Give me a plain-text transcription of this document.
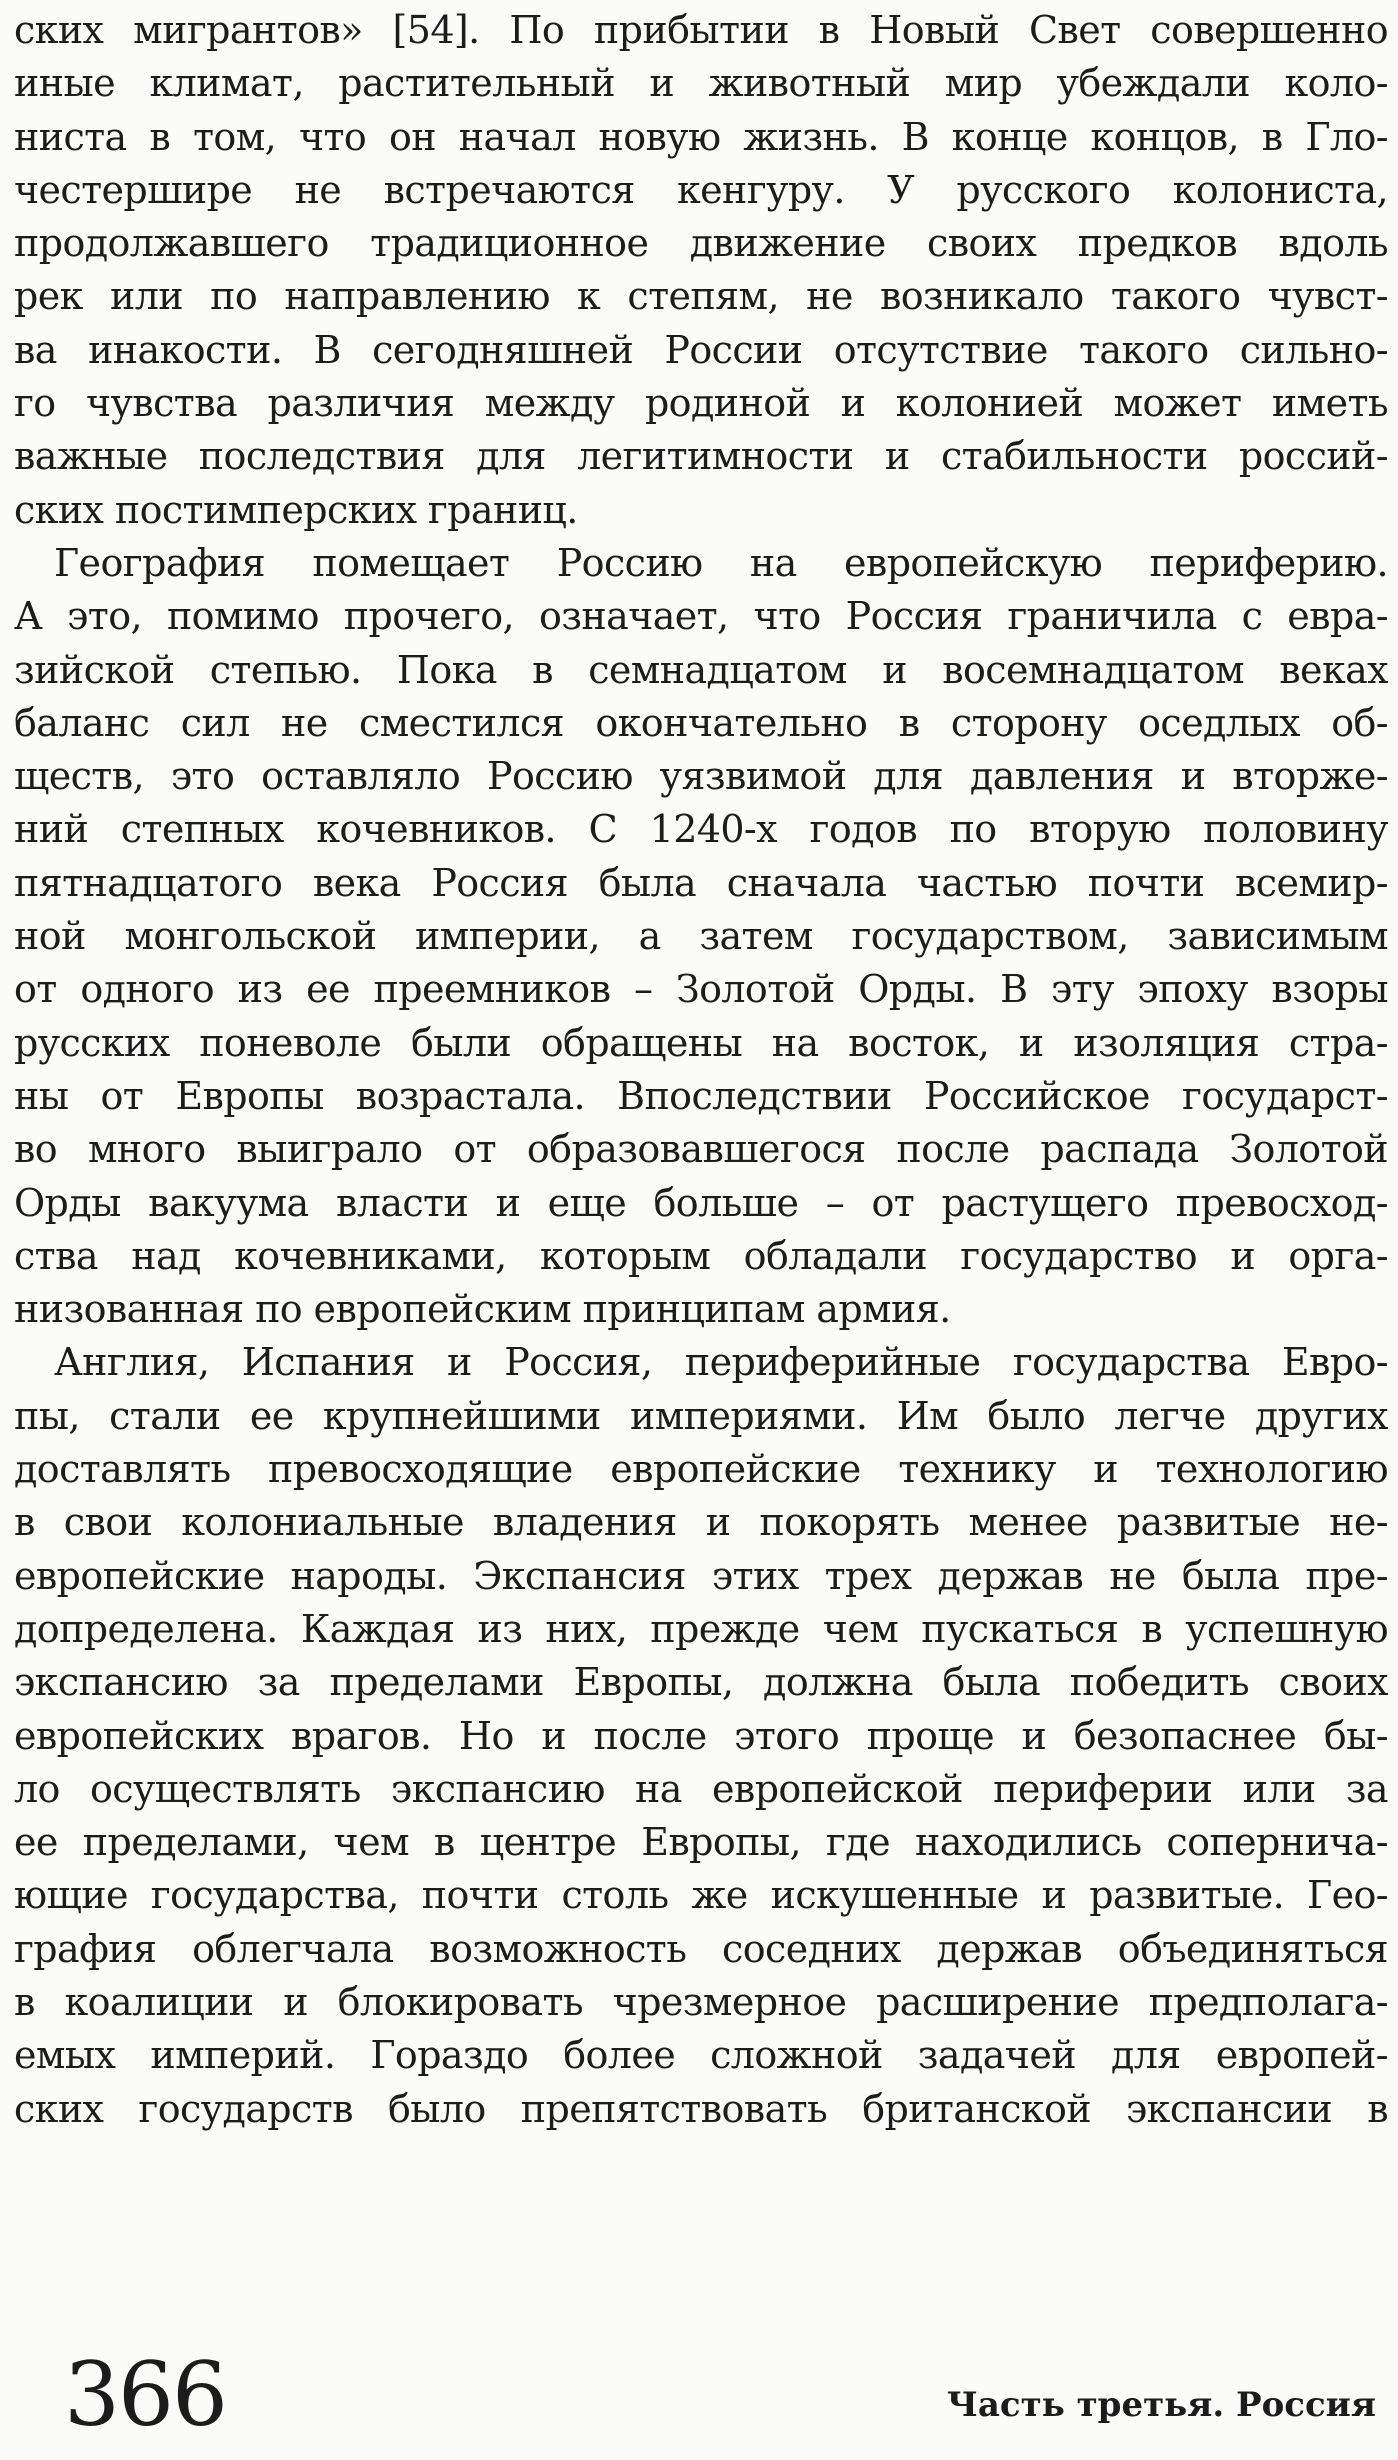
ских мигрантов» [54]. По прибытии в Новый Свет совершенно
иные климат, растительный и животный мир убеждали коло-
ниста в том, что он начал новую жизнь. В конце концов, в Гло-
честершире не встречаются кенгуру. У русского колониста,
продолжавшего традиционное движение своих предков вдоль
рек или по направлению к степям, не возникало такого чувст-
ва инакости. В сегодняшней России отсутствие такого сильно-
го чувства различия между родиной и колонией может иметь
важные последствия для легитимности и стабильности россий-
ских постимперских границ.
География помещает Россию на европейскую периферию.
А это, помимо прочего, означает, что Россия граничила с евра-
зийской степью. Пока в семнадцатом и восемнадцатом веках
баланс сил не сместился окончательно в сторону оседлых об-
ществ, это оставляло Россию уязвимой для давления и вторже-
ний степных кочевников. С 1240-х годов по вторую половину
пятнадцатого века Россия была сначала частью почти всемир-
ной монгольской империи, а затем государством, зависимым
от одного из ее преемников – Золотой Орды. В эту эпоху взоры
русских поневоле были обращены на восток, и изоляция стра-
ны от Европы возрастала. Впоследствии Российское государст-
во много выиграло от образовавшегося после распада Золотой
Орды вакуума власти и еще больше – от растущего превосход-
ства над кочевниками, которым обладали государство и орга-
низованная по европейским принципам армия.
Англия, Испания и Россия, периферийные государства Евро-
пы, стали ее крупнейшими империями. Им было легче других
доставлять превосходящие европейские технику и технологию
в свои колониальные владения и покорять менее развитые не-
европейские народы. Экспансия этих трех держав не была пре-
допределена. Каждая из них, прежде чем пускаться в успешную
экспансию за пределами Европы, должна была победить своих
европейских врагов. Но и после этого проще и безопаснее бы-
ло осуществлять экспансию на европейской периферии или за
ее пределами, чем в центре Европы, где находились сопернича-
ющие государства, почти столь же искушенные и развитые. Гео-
графия облегчала возможность соседних держав объединяться
в коалиции и блокировать чрезмерное расширение предполага-
емых империй. Гораздо более сложной задачей для европей-
ских государств было препятствовать британской экспансии в
366	Часть третья. Россия
